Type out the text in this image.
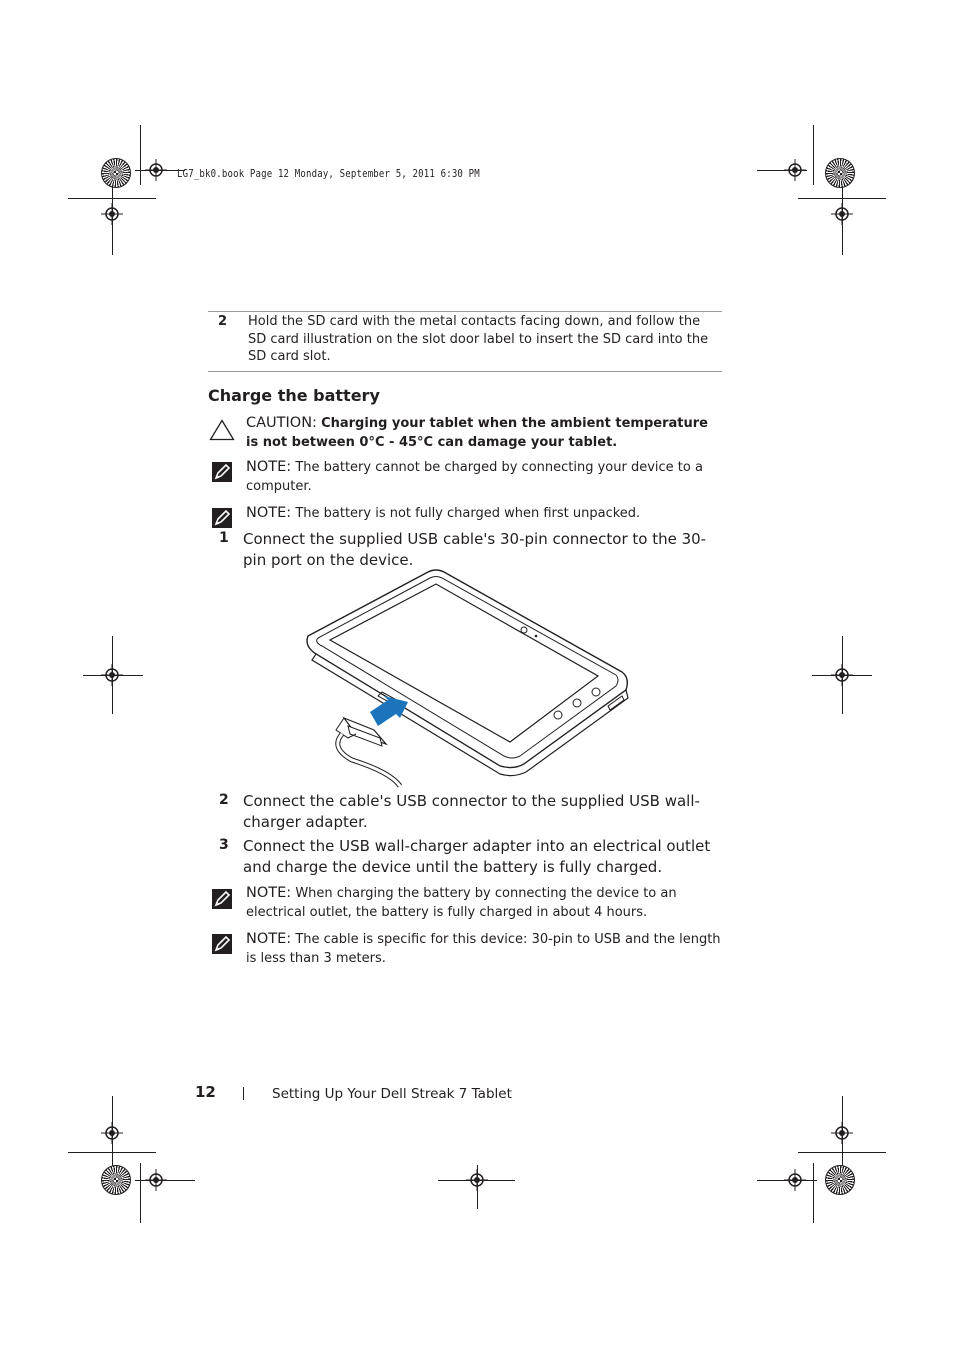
LG7_bk0.book Page 12 Monday, September 5, 2011 6:30 PM
2 Hold the SD card with the metal contacts facing down, and follow the SD card illustration on the slot door label to insert the SD card into the SD card slot.
Charge the battery
CAUTION: Charging your tablet when the ambient temperature is not between 0°C - 45°C can damage your tablet.
NOTE: The battery cannot be charged by connecting your device to a computer.
NOTE: The battery is not fully charged when first unpacked.
1 Connect the supplied USB cable's 30-pin connector to the 30-pin port on the device.
2 Connect the cable's USB connector to the supplied USB wall-charger adapter.
3 Connect the USB wall-charger adapter into an electrical outlet and charge the device until the battery is fully charged.
NOTE: When charging the battery by connecting the device to an electrical outlet, the battery is fully charged in about 4 hours.
NOTE: The cable is specific for this device: 30-pin to USB and the length is less than 3 meters.
12	Setting Up Your Dell Streak 7 Tablet
